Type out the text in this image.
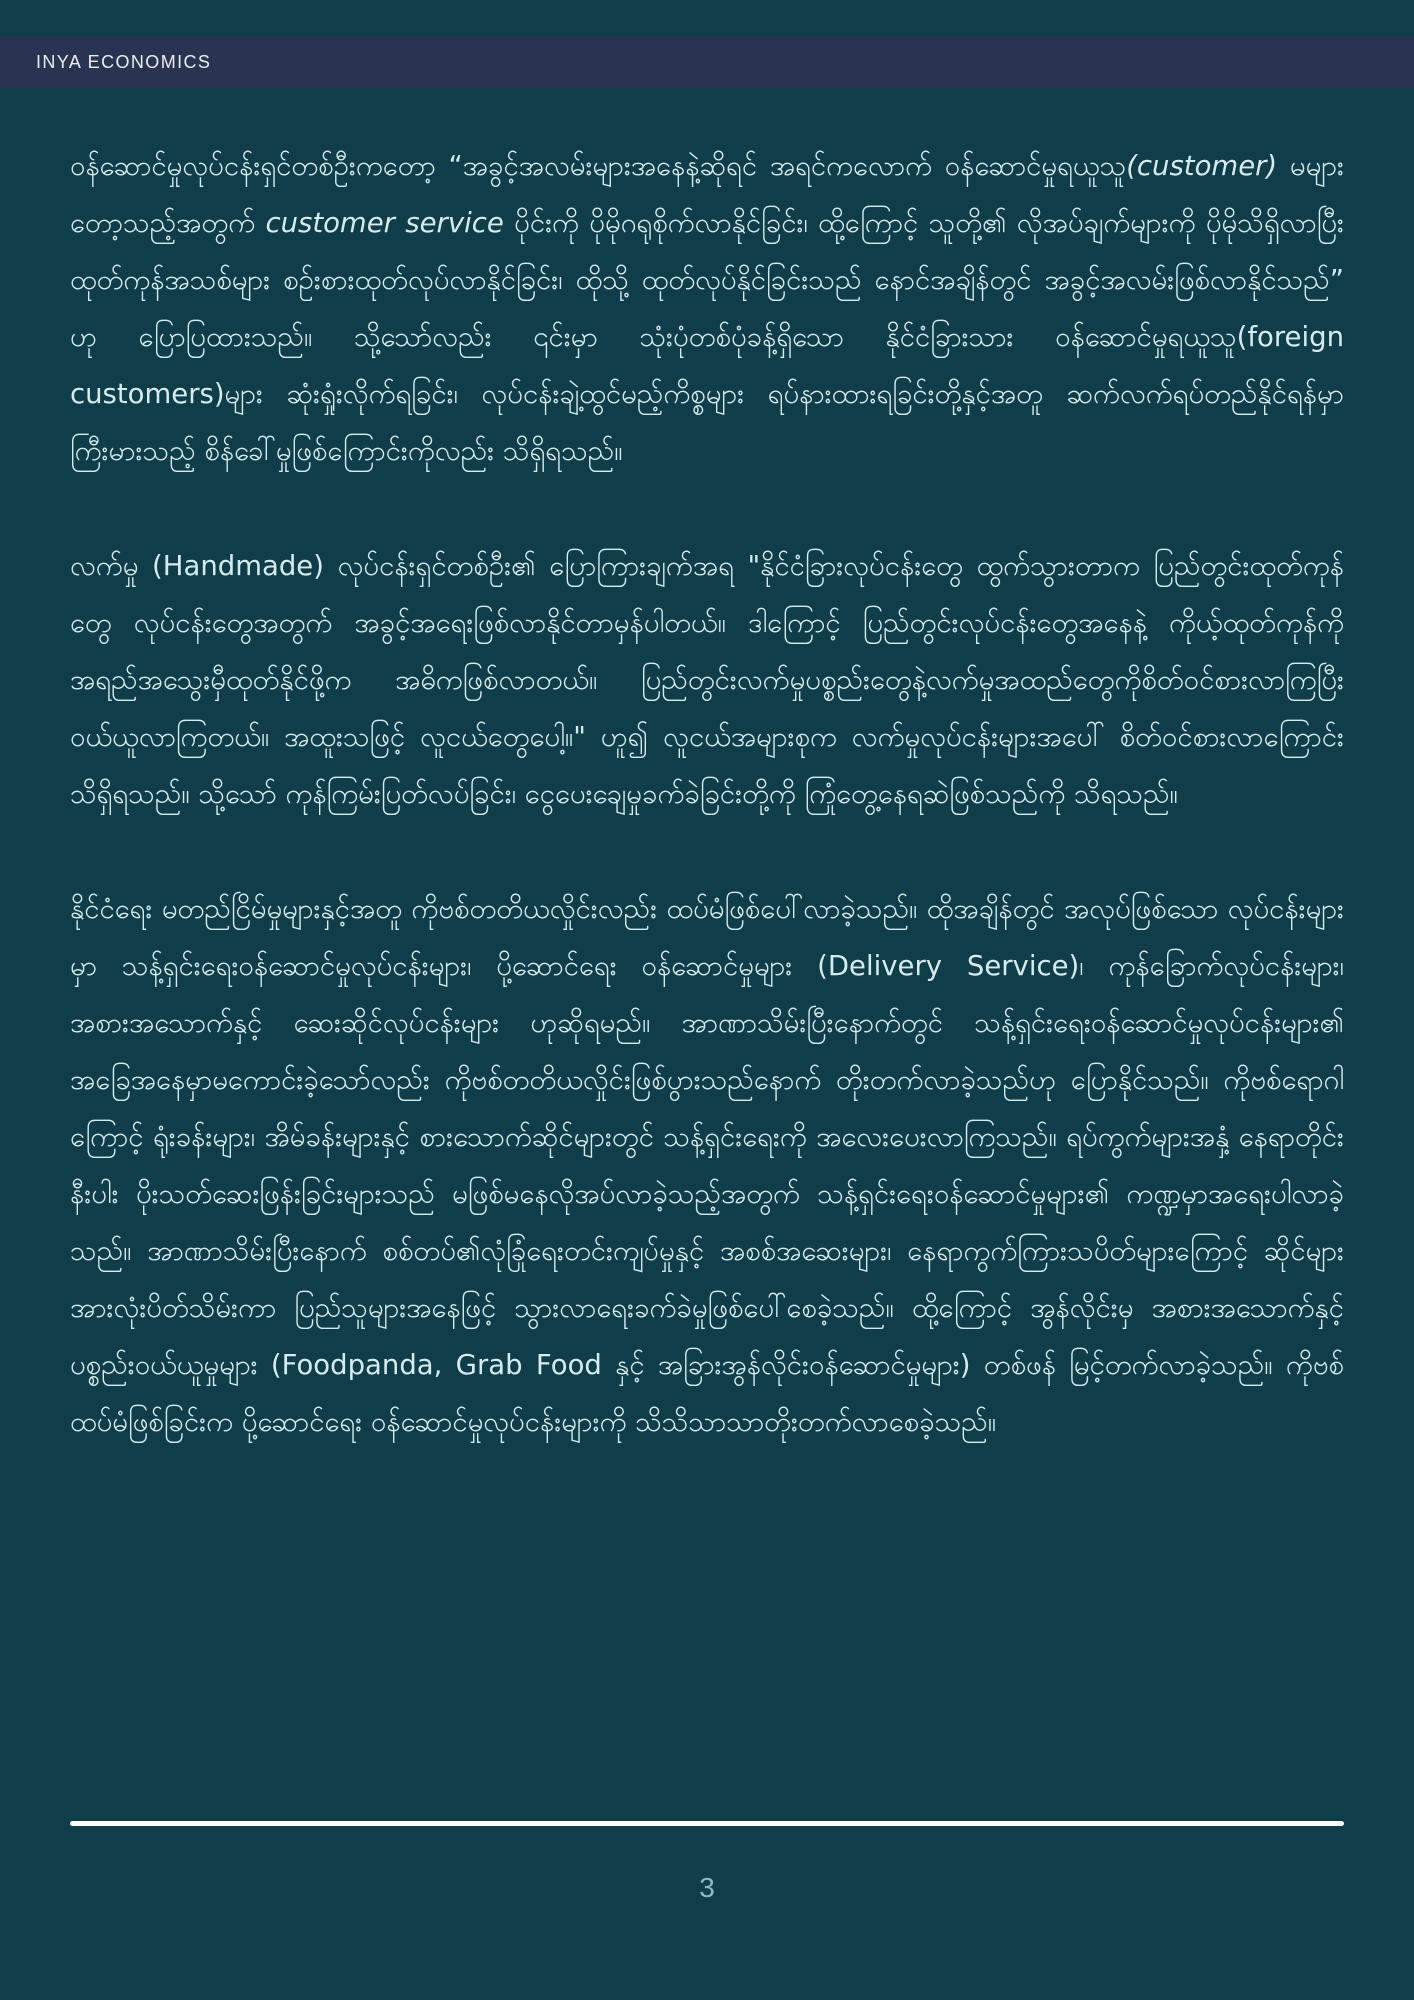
INYA ECONOMICS

ဝန်ဆောင်မှုလုပ်ငန်းရှင်တစ်ဦးကတော့ “အခွင့်အလမ်းများအနေနဲ့ဆိုရင် အရင်ကလောက် ဝန်ဆောင်မှုရယူသူ(customer) မများတော့သည့်အတွက် customer service ပိုင်းကို ပိုမိုဂရုစိုက်လာနိုင်ခြင်း၊ ထို့ကြောင့် သူတို့၏ လိုအပ်ချက်များကို ပိုမိုသိရှိလာပြီး ထုတ်ကုန်အသစ်များ စဉ်းစားထုတ်လုပ်လာနိုင်ခြင်း၊ ထိုသို့ ထုတ်လုပ်နိုင်ခြင်းသည် နောင်အချိန်တွင် အခွင့်အလမ်းဖြစ်လာနိုင်သည်” ဟု ပြောပြထားသည်။ သို့သော်လည်း ၎င်းမှာ သုံးပုံတစ်ပုံခန့်ရှိသော နိုင်ငံခြားသား ဝန်ဆောင်မှုရယူသူ(foreign customers)များ ဆုံးရှုံးလိုက်ရခြင်း၊ လုပ်ငန်းချဲ့ထွင်မည့်ကိစ္စများ ရပ်နားထားရခြင်းတို့နှင့်အတူ ဆက်လက်ရပ်တည်နိုင်ရန်မှာ ကြီးမားသည့် စိန်ခေါ်မှုဖြစ်ကြောင်းကိုလည်း သိရှိရသည်။

လက်မှု (Handmade) လုပ်ငန်းရှင်တစ်ဦး၏ ပြောကြားချက်အရ "နိုင်ငံခြားလုပ်ငန်းတွေ ထွက်သွားတာက ပြည်တွင်းထုတ်ကုန်တွေ လုပ်ငန်းတွေအတွက် အခွင့်အရေးဖြစ်လာနိုင်တာမှန်ပါတယ်။ ဒါကြောင့် ပြည်တွင်းလုပ်ငန်းတွေအနေနဲ့ ကိုယ့်ထုတ်ကုန်ကိုအရည်အသွေးမှီထုတ်နိုင်ဖို့က အဓိကဖြစ်လာတယ်။ ပြည်တွင်းလက်မှုပစ္စည်းတွေနဲ့လက်မှုအထည်တွေကိုစိတ်ဝင်စားလာကြပြီး ဝယ်ယူလာကြတယ်။ အထူးသဖြင့် လူငယ်တွေပေါ့။" ဟူ၍ လူငယ်အများစုက လက်မှုလုပ်ငန်းများအပေါ် စိတ်ဝင်စားလာကြောင်း သိရှိရသည်။ သို့သော် ကုန်ကြမ်းပြတ်လပ်ခြင်း၊ ငွေပေးချေမှုခက်ခဲခြင်းတို့ကို ကြုံတွေ့နေရဆဲဖြစ်သည်ကို သိရသည်။

နိုင်ငံရေး မတည်ငြိမ်မှုများနှင့်အတူ ကိုဗစ်တတိယလှိုင်းလည်း ထပ်မံဖြစ်ပေါ်လာခဲ့သည်။ ထိုအချိန်တွင် အလုပ်ဖြစ်သော လုပ်ငန်းများမှာ သန့်ရှင်းရေးဝန်ဆောင်မှုလုပ်ငန်းများ၊ ပို့ဆောင်ရေး ဝန်ဆောင်မှုများ (Delivery Service)၊ ကုန်ခြောက်လုပ်ငန်းများ၊ အစားအသောက်နှင့် ဆေးဆိုင်လုပ်ငန်းများ ဟုဆိုရမည်။ အာဏာသိမ်းပြီးနောက်တွင် သန့်ရှင်းရေးဝန်ဆောင်မှုလုပ်ငန်းများ၏ အခြေအနေမှာမကောင်းခဲ့သော်လည်း ကိုဗစ်တတိယလှိုင်းဖြစ်ပွားသည်နောက် တိုးတက်လာခဲ့သည်ဟု ပြောနိုင်သည်။ ကိုဗစ်ရောဂါကြောင့် ရုံးခန်းများ၊ အိမ်ခန်းများနှင့် စားသောက်ဆိုင်များတွင် သန့်ရှင်းရေးကို အလေးပေးလာကြသည်။ ရပ်ကွက်များအနှံ့ နေရာတိုင်းနီးပါး ပိုးသတ်ဆေးဖြန်းခြင်းများသည် မဖြစ်မနေလိုအပ်လာခဲ့သည့်အတွက် သန့်ရှင်းရေးဝန်ဆောင်မှုများ၏ ကဏ္ဍမှာအရေးပါလာခဲ့သည်။ အာဏာသိမ်းပြီးနောက် စစ်တပ်၏လုံခြုံရေးတင်းကျပ်မှုနှင့် အစစ်အဆေးများ၊ နေရာကွက်ကြားသပိတ်များကြောင့် ဆိုင်များအားလုံးပိတ်သိမ်းကာ ပြည်သူများအနေဖြင့် သွားလာရေးခက်ခဲမှုဖြစ်ပေါ်စေခဲ့သည်။ ထို့ကြောင့် အွန်လိုင်းမှ အစားအသောက်နှင့် ပစ္စည်းဝယ်ယူမှုများ (Foodpanda, Grab Food နှင့် အခြားအွန်လိုင်းဝန်ဆောင်မှုများ) တစ်ဖန် မြင့်တက်လာခဲ့သည်။ ကိုဗစ်ထပ်မံဖြစ်ခြင်းက ပို့ဆောင်ရေး ဝန်ဆောင်မှုလုပ်ငန်းများကို သိသိသာသာတိုးတက်လာစေခဲ့သည်။

3
